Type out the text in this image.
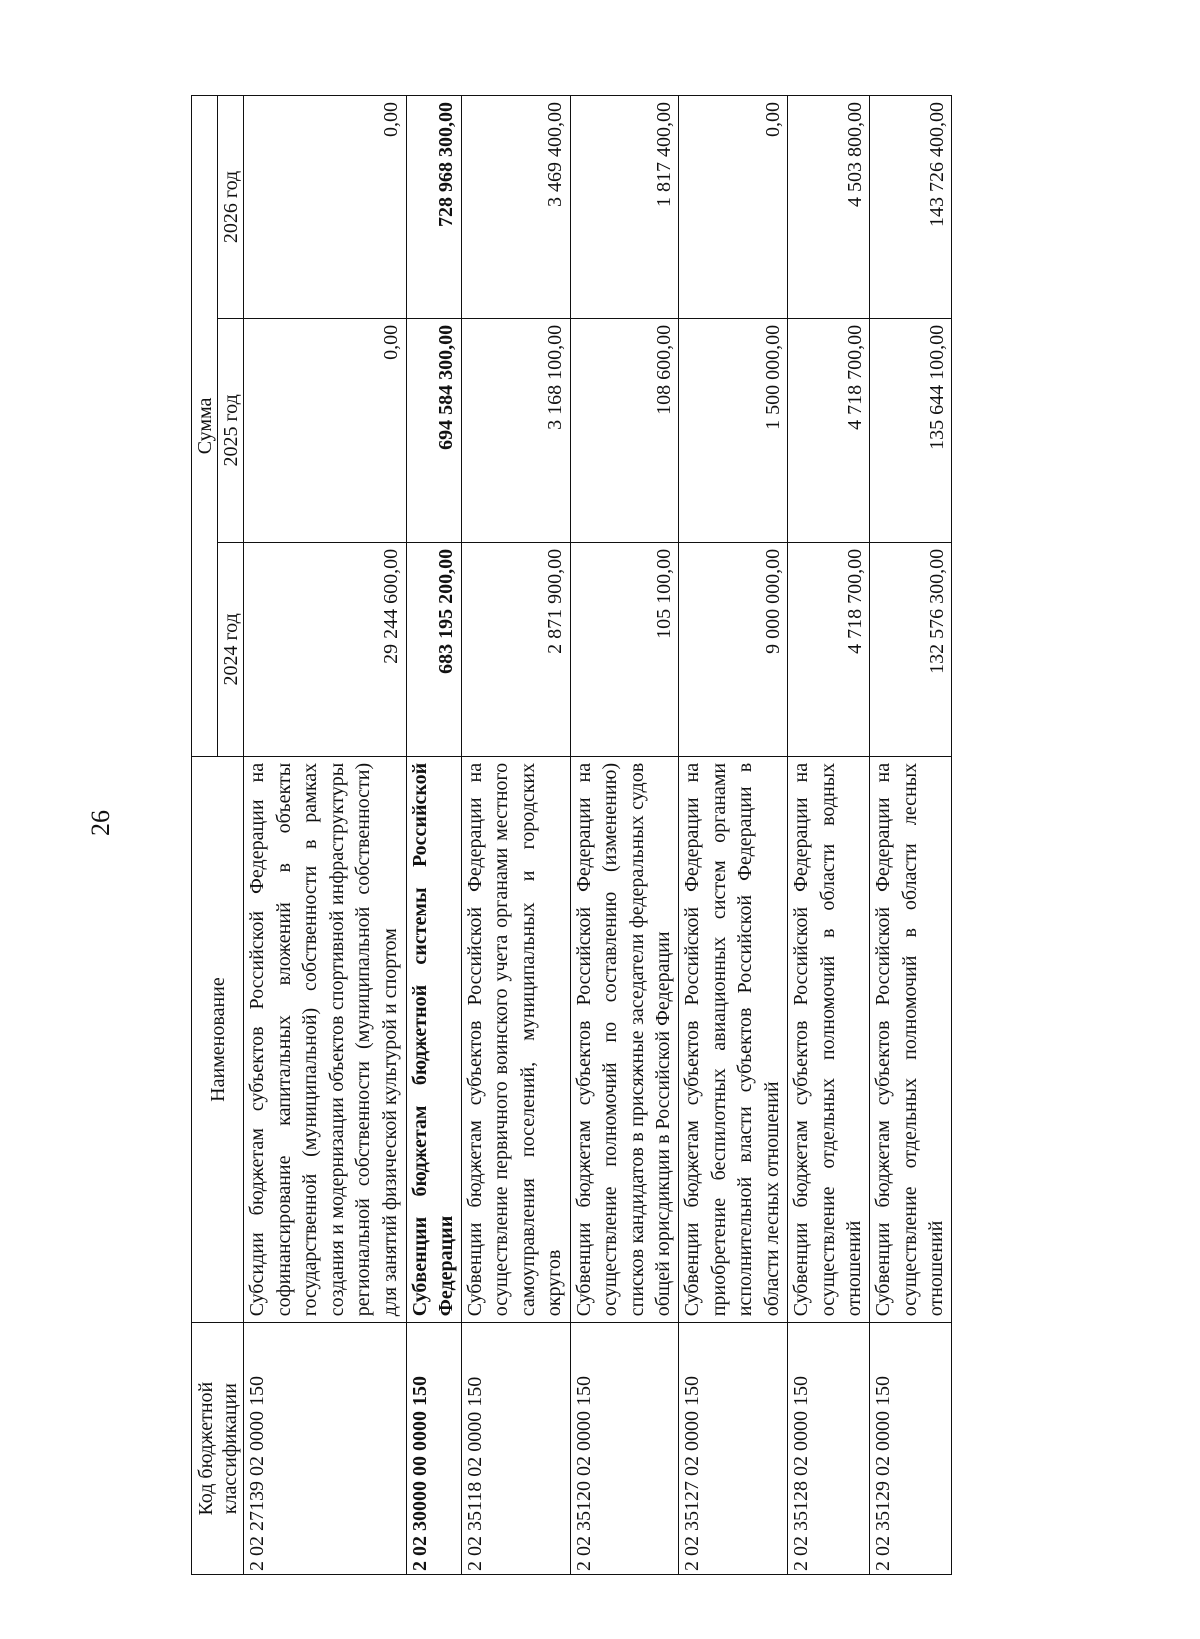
26
Код бюджетной классификации	Наименование	Сумма		
		2024 год	2025 год	2026 год
2 02 27139 02 0000 150	Субсидии бюджетам субъектов Российской Федерации на софинансирование капитальных вложений в объекты государственной (муниципальной) собственности в рамках создания и модернизации объектов спортивной инфраструктуры региональной собственности (муниципальной собственности) для занятий физической культурой и спортом	29 244 600,00	0,00	0,00
2 02 30000 00 0000 150	Субвенции бюджетам бюджетной системы Российской Федерации	683 195 200,00	694 584 300,00	728 968 300,00
2 02 35118 02 0000 150	Субвенции бюджетам субъектов Российской Федерации на осуществление первичного воинского учета органами местного самоуправления поселений, муниципальных и городских округов	2 871 900,00	3 168 100,00	3 469 400,00
2 02 35120 02 0000 150	Субвенции бюджетам субъектов Российской Федерации на осуществление полномочий по составлению (изменению) списков кандидатов в присяжные заседатели федеральных судов общей юрисдикции в Российской Федерации	105 100,00	108 600,00	1 817 400,00
2 02 35127 02 0000 150	Субвенции бюджетам субъектов Российской Федерации на приобретение беспилотных авиационных систем органами исполнительной власти субъектов Российской Федерации в области лесных отношений	9 000 000,00	1 500 000,00	0,00
2 02 35128 02 0000 150	Субвенции бюджетам субъектов Российской Федерации на осуществление отдельных полномочий в области водных отношений	4 718 700,00	4 718 700,00	4 503 800,00
2 02 35129 02 0000 150	Субвенции бюджетам субъектов Российской Федерации на осуществление отдельных полномочий в области лесных отношений	132 576 300,00	135 644 100,00	143 726 400,00
